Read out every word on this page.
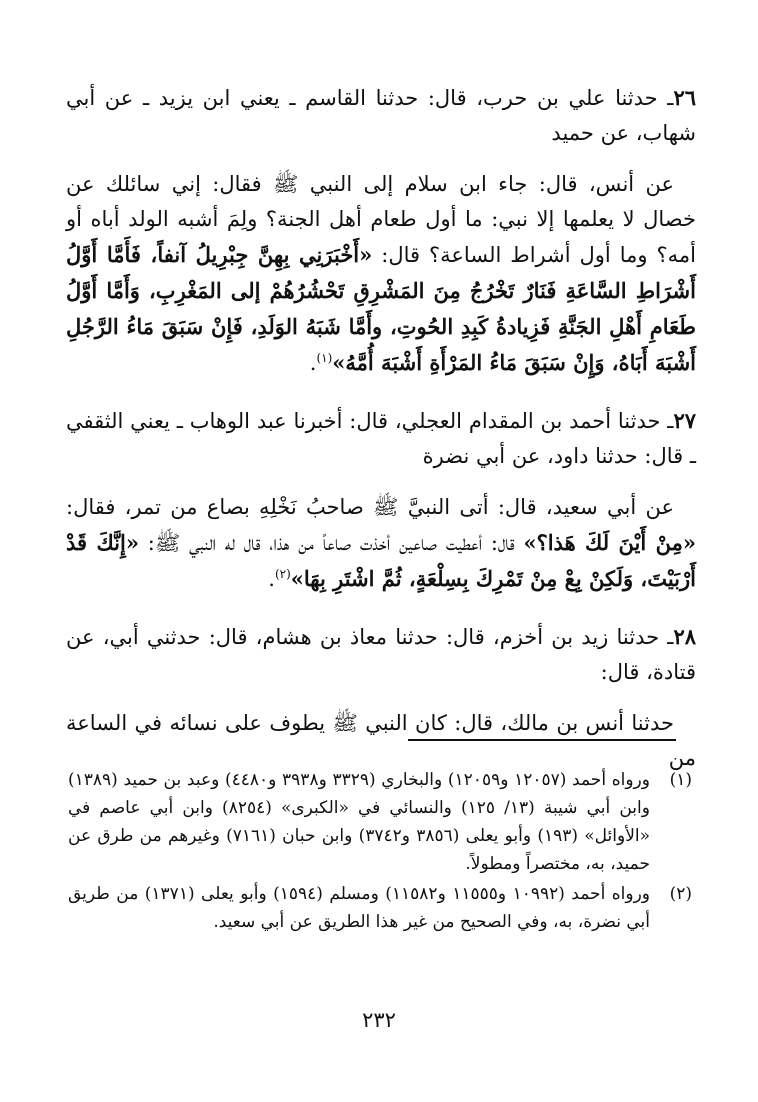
٢٦ـ حدثنا علي بن حرب، قال: حدثنا القاسم ـ يعني ابن يزيد ـ عن أبي شهاب، عن حميد

عن أنس، قال: جاء ابن سلام إلى النبي ﷺ فقال: إني سائلك عن خصال لا يعلمها إلا نبي: ما أول طعام أهل الجنة؟ ولِمَ أشبه الولد أباه أو أمه؟ وما أول أشراط الساعة؟ قال: «أَخْبَرَنِي بِهِنَّ جِبْرِيلُ آنفاً، فَأَمَّا أَوَّلُ أَشْرَاطِ السَّاعَةِ فَنَارٌ تَخْرُجُ مِنَ المَشْرِقِ تَحْشُرُهُمْ إلى المَغْرِبِ، وَأَمَّا أَوَّلُ طَعَامِ أَهْلِ الجَنَّةِ فَزِيادةُ كَبِدِ الحُوتِ، وأَمَّا شَبَهُ الوَلَدِ، فَإِنْ سَبَقَ مَاءُ الرَّجُلِ أَشْبَهَ أَبَاهُ، وَإِنْ سَبَقَ مَاءُ المَرْأَةِ أَشْبَهَ أُمَّهُ»$^{(١)}$.

٢٧ـ حدثنا أحمد بن المقدام العجلي، قال: أخبرنا عبد الوهاب ـ يعني الثقفي ـ قال: حدثنا داود، عن أبي نضرة

عن أبي سعيد، قال: أتى النبيَّ ﷺ صاحبُ نَخْلِهِ بصاع من تمر، فقال: «مِنْ أَيْنَ لَكَ هَذا؟» قال: أعطيت صاعين أخذت صاعاً من هذا، قال له النبي ﷺ: «إِنَّكَ قَدْ أَرْبَيْتَ، وَلَكِنْ بِعْ مِنْ تَمْرِكَ بِسِلْعَةٍ، ثُمَّ اشْتَرِ بِهَا»$^{(٢)}$.

٢٨ـ حدثنا زيد بن أخزم، قال: حدثنا معاذ بن هشام، قال: حدثني أبي، عن قتادة، قال:

حدثنا أنس بن مالك، قال: كان النبي ﷺ يطوف على نسائه في الساعة من

(١)
ورواه أحمد (١٢٠٥٧ و١٢٠٥٩) والبخاري (٣٣٢٩ و٣٩٣٨ و٤٤٨٠) وعبد بن حميد (١٣٨٩) وابن أبي شيبة (١٣/ ١٢٥) والنسائي في «الكبرى» (٨٢٥٤) وابن أبي عاصم في «الأوائل» (١٩٣) وأبو يعلى (٣٨٥٦ و٣٧٤٢) وابن حبان (٧١٦١) وغيرهم من طرق عن حميد، به، مختصراً ومطولاً.
(٢)
ورواه أحمد (١٠٩٩٢ و١١٥٥٥ و١١٥٨٢) ومسلم (١٥٩٤) وأبو يعلى (١٣٧١) من طريق أبي نضرة، به، وفي الصحيح من غير هذا الطريق عن أبي سعيد.
٢٣٢
